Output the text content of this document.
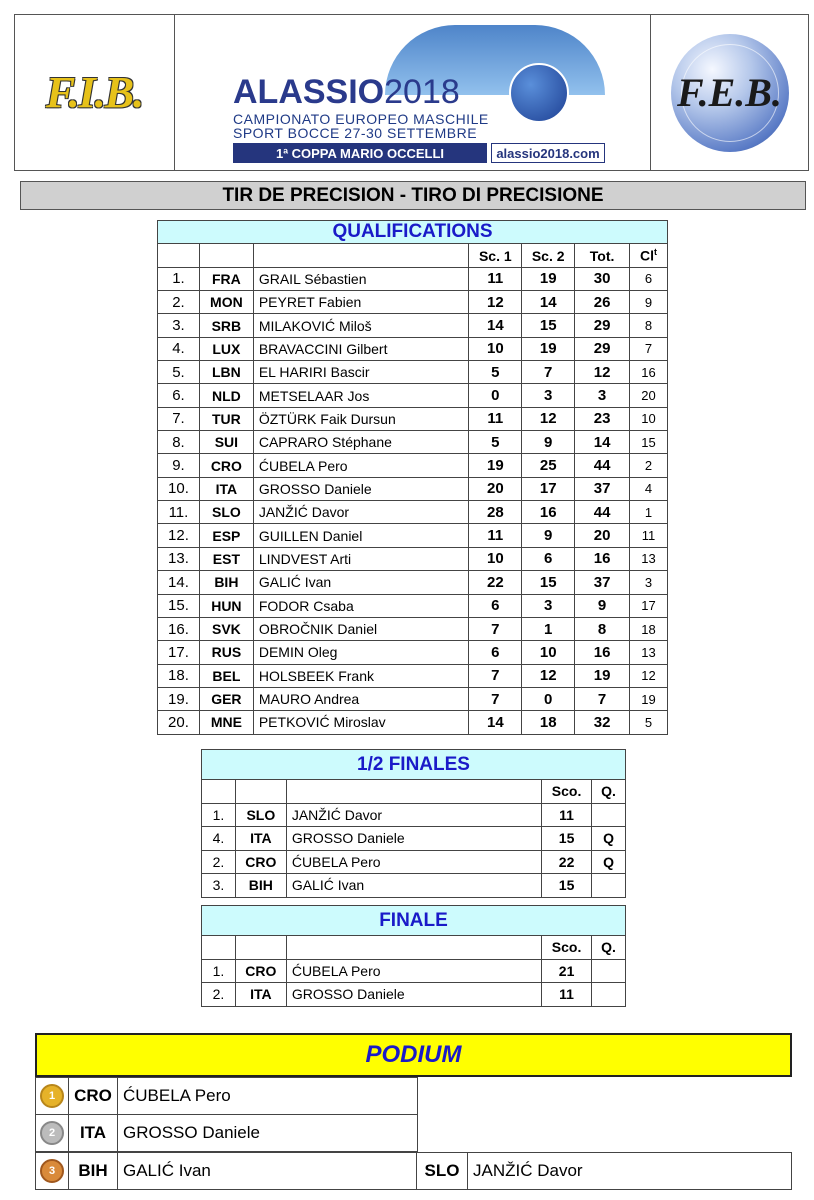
F.I.B.	ALASSIO2018
CAMPIONATO EUROPEO MASCHILE
SPORT BOCCE 27-30 SETTEMBRE
1ª COPPA MARIO OCCELLI	alassio2018.com
F.E.B.
TIR DE PRECISION - TIRO DI PRECISIONE
QUALIFICATIONS						
			Sc. 1	Sc. 2	Tot.	Cl$^t$
1.	FRA	GRAIL Sébastien	11	19	30	6
2.	MON	PEYRET Fabien	12	14	26	9
3.	SRB	MILAKOVIĆ Miloš	14	15	29	8
4.	LUX	BRAVACCINI Gilbert	10	19	29	7
5.	LBN	EL HARIRI Bascir	5	7	12	16
6.	NLD	METSELAAR Jos	0	3	3	20
7.	TUR	ÖZTÜRK Faik Dursun	11	12	23	10
8.	SUI	CAPRARO Stéphane	5	9	14	15
9.	CRO	ĆUBELA Pero	19	25	44	2
10.	ITA	GROSSO Daniele	20	17	37	4
11.	SLO	JANŽIĆ Davor	28	16	44	1
12.	ESP	GUILLEN Daniel	11	9	20	11
13.	EST	LINDVEST Arti	10	6	16	13
14.	BIH	GALIĆ Ivan	22	15	37	3
15.	HUN	FODOR Csaba	6	3	9	17
16.	SVK	OBROČNIK Daniel	7	1	8	18
17.	RUS	DEMIN Oleg	6	10	16	13
18.	BEL	HOLSBEEK Frank	7	12	19	12
19.	GER	MAURO Andrea	7	0	7	19
20.	MNE	PETKOVIĆ Miroslav	14	18	32	5
1/2 FINALES				
			Sco.	Q.
1.	SLO	JANŽIĆ Davor	11	
4.	ITA	GROSSO Daniele	15	Q
2.	CRO	ĆUBELA Pero	22	Q
3.	BIH	GALIĆ Ivan	15	
FINALE				
			Sco.	Q.
1.	CRO	ĆUBELA Pero	21	
2.	ITA	GROSSO Daniele	11	
PODIUM
1	CRO ĆUBELA Pero
2	ITA GROSSO Daniele
3	BIH GALIĆ Ivan	SLO JANŽIĆ Davor
